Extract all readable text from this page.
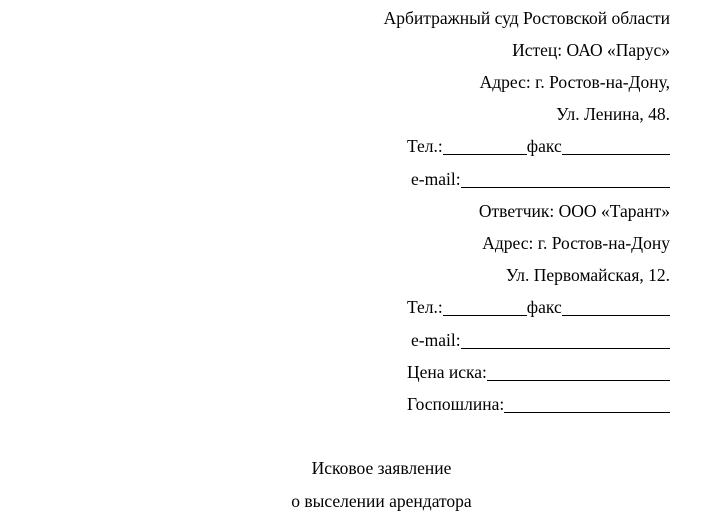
Арбитражный суд Ростовской области
Истец: ОАО «Парус»
Адрес: г. Ростов-на-Дону,
Ул. Ленина, 48.
Тел.:	факс
e-mail:
Ответчик: ООО «Тарант»
Адрес: г. Ростов-на-Дону
Ул. Первомайская, 12.
Тел.:	факс
e-mail:
Цена иска:
Госпошлина:
Исковое заявление
о выселении арендатора
